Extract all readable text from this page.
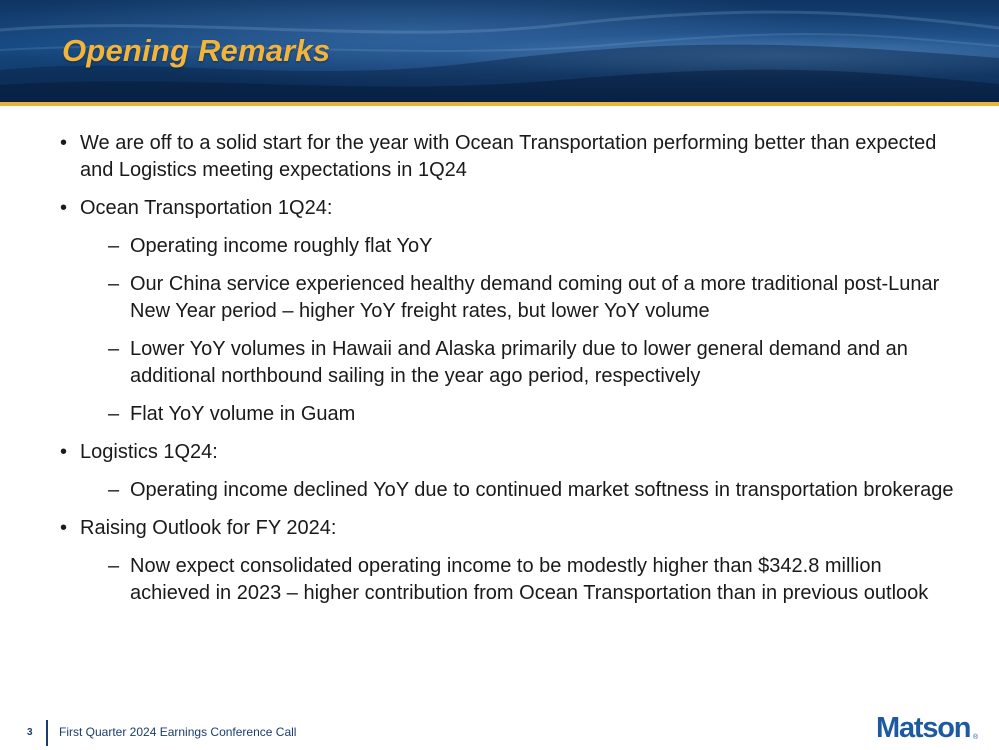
Opening Remarks
• We are off to a solid start for the year with Ocean Transportation performing better than expected and Logistics meeting expectations in 1Q24
• Ocean Transportation 1Q24:
– Operating income roughly flat YoY
– Our China service experienced healthy demand coming out of a more traditional post-Lunar New Year period – higher YoY freight rates, but lower YoY volume
– Lower YoY volumes in Hawaii and Alaska primarily due to lower general demand and an additional northbound sailing in the year ago period, respectively
– Flat YoY volume in Guam
• Logistics 1Q24:
– Operating income declined YoY due to continued market softness in transportation brokerage
• Raising Outlook for FY 2024:
– Now expect consolidated operating income to be modestly higher than $342.8 million achieved in 2023 – higher contribution from Ocean Transportation than in previous outlook
3 First Quarter 2024 Earnings Conference Call	Matson ®
